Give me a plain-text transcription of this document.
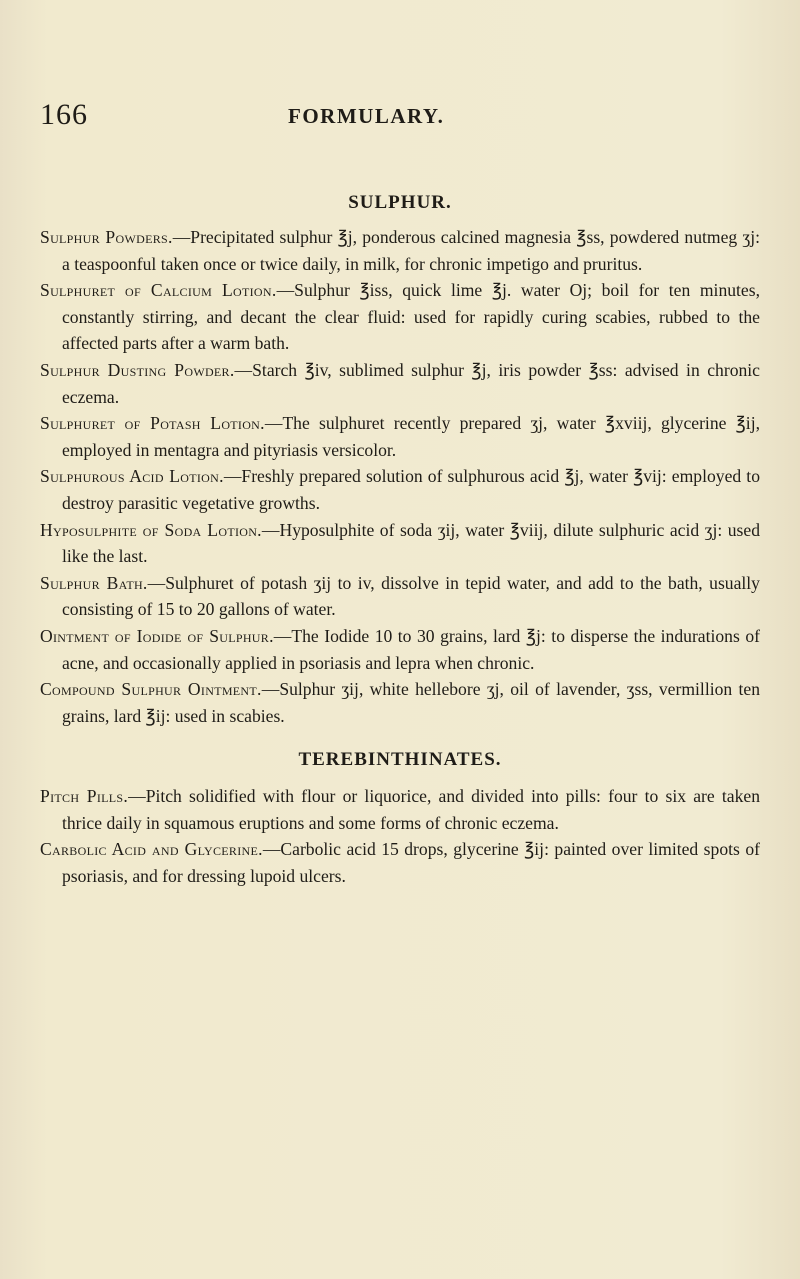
166	FORMULARY.
SULPHUR.

Sulphur Powders.—Precipitated sulphur ℥j, ponderous calcined magnesia ℥ss, powdered nutmeg ʒj: a teaspoonful taken once or twice daily, in milk, for chronic impetigo and pruritus.

Sulphuret of Calcium Lotion.—Sulphur ℥iss, quick lime ℥j. water Oj; boil for ten minutes, constantly stirring, and decant the clear fluid: used for rapidly curing scabies, rubbed to the affected parts after a warm bath.

Sulphur Dusting Powder.—Starch ℥iv, sublimed sulphur ℥j, iris powder ℥ss: advised in chronic eczema.

Sulphuret of Potash Lotion.—The sulphuret recently prepared ʒj, water ℥xviij, glycerine ℥ij, employed in mentagra and pityriasis versicolor.

Sulphurous Acid Lotion.—Freshly prepared solution of sulphurous acid ℥j, water ℥vij: employed to destroy parasitic vegetative growths.

Hyposulphite of Soda Lotion.—Hyposulphite of soda ʒij, water ℥viij, dilute sulphuric acid ʒj: used like the last.

Sulphur Bath.—Sulphuret of potash ʒij to iv, dissolve in tepid water, and add to the bath, usually consisting of 15 to 20 gallons of water.

Ointment of Iodide of Sulphur.—The Iodide 10 to 30 grains, lard ℥j: to disperse the indurations of acne, and occasionally applied in psoriasis and lepra when chronic.

Compound Sulphur Ointment.—Sulphur ʒij, white hellebore ʒj, oil of lavender, ʒss, vermillion ten grains, lard ℥ij: used in scabies.

TEREBINTHINATES.

Pitch Pills.—Pitch solidified with flour or liquorice, and divided into pills: four to six are taken thrice daily in squamous eruptions and some forms of chronic eczema.

Carbolic Acid and Glycerine.—Carbolic acid 15 drops, glycerine ℥ij: painted over limited spots of psoriasis, and for dressing lupoid ulcers.
